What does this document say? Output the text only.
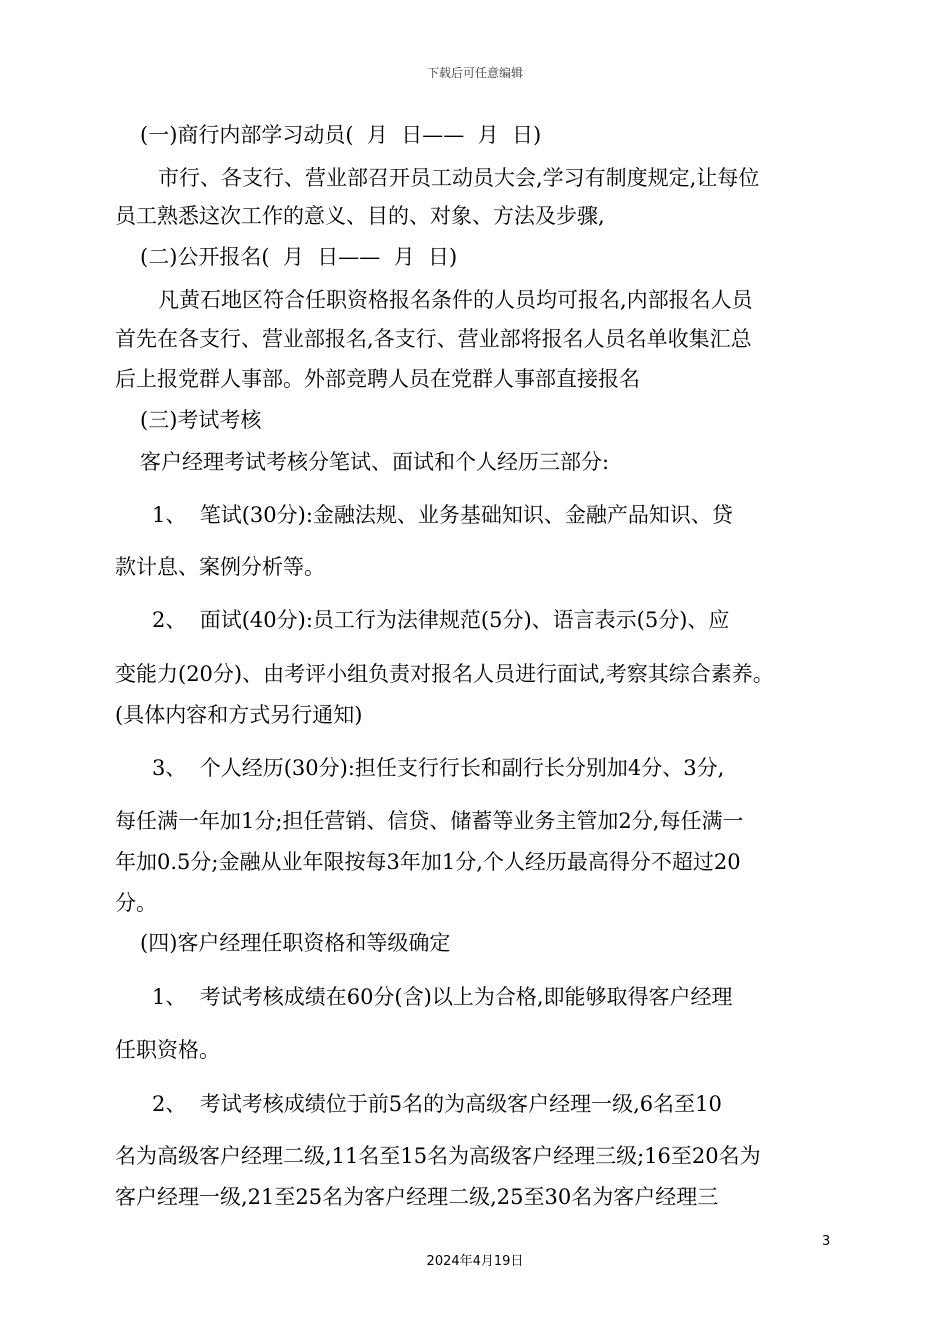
下载后可任意编辑
(一)商行内部学习动员(  月  日——  月  日)
市行、各支行、营业部召开员工动员大会,学习有制度规定,让每位
员工熟悉这次工作的意义、目的、对象、方法及步骤,
(二)公开报名(  月  日——  月  日)
凡黄石地区符合任职资格报名条件的人员均可报名,内部报名人员
首先在各支行、营业部报名,各支行、营业部将报名人员名单收集汇总
后上报党群人事部。外部竞聘人员在党群人事部直接报名
(三)考试考核
客户经理考试考核分笔试、面试和个人经历三部分:
1、  笔试(30分):金融法规、业务基础知识、金融产品知识、贷
款计息、案例分析等。
2、  面试(40分):员工行为法律规范(5分)、语言表示(5分)、应
变能力(20分)、由考评小组负责对报名人员进行面试,考察其综合素养。
(具体内容和方式另行通知)
3、  个人经历(30分):担任支行行长和副行长分别加4分、3分,
每任满一年加1分;担任营销、信贷、储蓄等业务主管加2分,每任满一
年加0.5分;金融从业年限按每3年加1分,个人经历最高得分不超过20
分。
(四)客户经理任职资格和等级确定
1、  考试考核成绩在60分(含)以上为合格,即能够取得客户经理
任职资格。
2、  考试考核成绩位于前5名的为高级客户经理一级,6名至10
名为高级客户经理二级,11名至15名为高级客户经理三级;16至20名为
客户经理一级,21至25名为客户经理二级,25至30名为客户经理三
3
2024年4月19日
